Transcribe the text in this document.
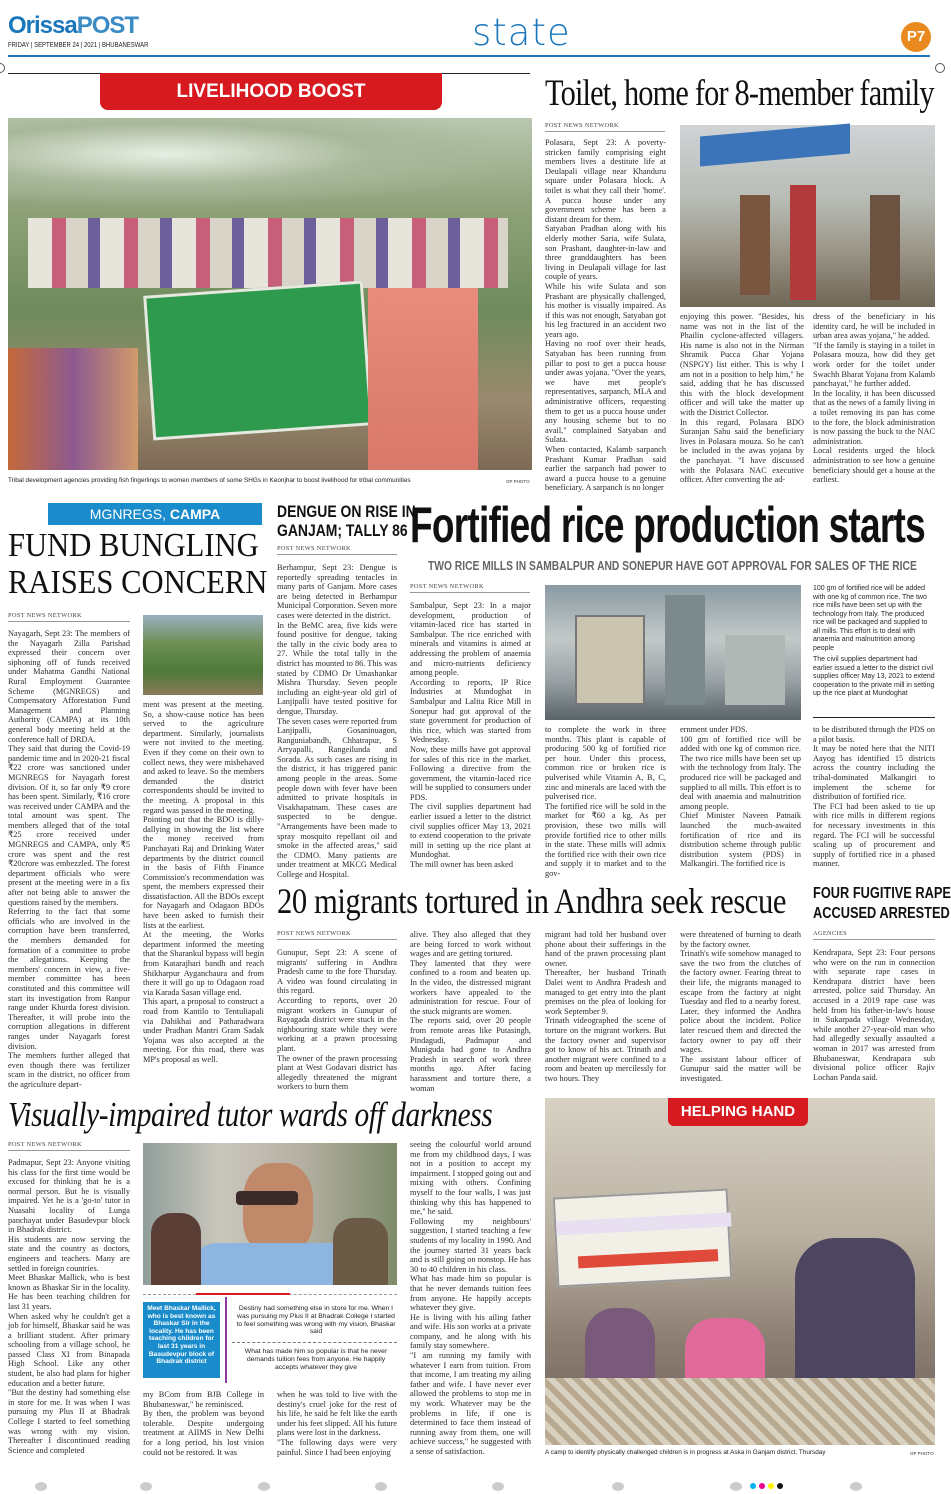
OrissaPOST
FRIDAY | SEPTEMBER 24 | 2021 | BHUBANESWAR	state	P7
LIVELIHOOD BOOST
Tribal development agencies providing fish fingerlings to women members of some SHGs in Keonjhar to boost livelihood for tribal communities	OP PHOTO
Toilet, home for 8-member family
POST NEWS NETWORK
Polasara, Sept 23: A poverty-stricken family comprising eight members lives a destitute life at Deulapali village near Khanduru square under Polasara block. A toilet is what they call their 'home'. A pucca house under any government scheme has been a distant dream for them.
Satyaban Pradhan along with his elderly mother Saria, wife Sulata, son Prashant, daughter-in-law and three granddaughters has been living in Deulapali village for last couple of years.
While his wife Sulata and son Prashant are physically challenged, his mother is visually impaired. As if this was not enough, Satyaban got his leg fractured in an accident two years ago.
Having no roof over their heads, Satyaban has been running from pillar to post to get a pucca house under awas yojana. "Over the years, we have met people's representatives, sarpanch, MLA and administrative officers, requesting them to get us a pucca house under any housing scheme but to no avail," complained Satyaban and Sulata.
When contacted, Kalamb sarpanch Prashant Kumar Pradhan said earlier the sarpanch had power to award a pucca house to a genuine beneficiary. A sarpanch is no longer
enjoying this power. "Besides, his name was not in the list of the Phailin cyclone-affected villagers. His name is also not in the Nirman Shramik Pucca Ghar Yojana (NSPGY) list either. This is why I am not in a position to help him," he said, adding that he has discussed this with the block development officer and will take the matter up with the District Collector.
In this regard, Polasara BDO Suranjan Sahu said the beneficiary lives in Polasara mouza. So he can't be included in the awas yojana by the panchayat. "I have discussed with the Polasara NAC executive officer. After converting the ad-
dress of the beneficiary in his identity card, he will be included in urban area awas yojana," he added.
"If the family is staying in a toilet in Polasara mouza, how did they get work order for the toilet under Swachh Bharat Yojana from Kalamb panchayat," he further added.
In the locality, it has been discussed that as the news of a family living in a toilet removing its pan has come to the fore, the block administration is now passing the buck to the NAC administration.
Local residents urged the block administration to see how a genuine beneficiary should get a house at the earliest.
MGNREGS, CAMPA
FUND BUNGLING
RAISES CONCERN
POST NEWS NETWORK
Nayagarh, Sept 23: The members of the Nayagarh Zilla Parishad expressed their concern over siphoning off of funds received under Mahatma Gandhi National Rural Employment Guarantee Scheme (MGNREGS) and Compensatory Afforestation Fund Management and Planning Authority (CAMPA) at its 10th general body meeting held at the conference hall of DRDA.
They said that during the Covid-19 pandemic time and in 2020-21 fiscal ₹22 crore was sanctioned under MGNREGS for Nayagarh forest division. Of it, so far only ₹9 crore has been spent. Similarly, ₹16 crore was received under CAMPA and the total amount was spent. The members alleged that of the total ₹25 crore received under MGNREGS and CAMPA, only ₹5 crore was spent and the rest ₹20crore was embezzled. The forest department officials who were present at the meeting were in a fix after not being able to answer the questions raised by the members.
Referring to the fact that some officials who are involved in the corruption have been transferred, the members demanded for formation of a committee to probe the allegations. Keeping the members' concern in view, a five-member committee has been constituted and this committee will start its investigation from Ranpur range under Khurda forest division. Thereafter, it will probe into the corruption allegations in different ranges under Nayagarh forest division.
The members further alleged that even though there was fertilizer scam in the district, no officer from the agriculture depart-
ment was present at the meeting. So, a show-cause notice has been served to the agriculture department. Similarly, journalists were not invited to the meeting. Even if they come on their own to collect news, they were misbehaved and asked to leave. So the members demanded the district correspondents should be invited to the meeting. A proposal in this regard was passed in the meeting.
Pointing out that the BDO is dilly-dallying in showing the list where the money received from Panchayati Raj and Drinking Water departments by the district council in the basis of Fifth Finance Commission's recommendation was spent, the members expressed their dissatisfaction. All the BDOs except for Nayagarh and Odagaon BDOs have been asked to furnish their lists at the earliest.
At the meeting, the Works department informed the meeting that the Sharankul bypass will begin from Katarajhari bandh and reach Shikharpur Ayganchaura and from there it will go up to Odagaon road via Karada Sasan village end.
This apart, a proposal to construct a road from Kantilo to Tentuliapali via Dahikhai and Patharadwara under Pradhan Mantri Gram Sadak Yojana was also accepted at the meeting. For this road, there was MP's proposal as well.
DENGUE ON RISE IN
GANJAM; TALLY 86
POST NEWS NETWORK
Berhampur, Sept 23: Dengue is reportedly spreading tentacles in many parts of Ganjam. More cases are being detected in Berhampur Municipal Corporation. Seven more cases were detected in the district.
In the BeMC area, five kids were found positive for dengue, taking the tally in the civic body area to 27. While the total tally in the district has mounted to 86. This was stated by CDMO Dr Umashankar Mishra Thursday. Seven people including an eight-year old girl of Lanjipalli have tested positive for dengue, Thursday.
The seven cases were reported from Lanjipalli, Gosaninuagon, Ranguniabandh, Chhatrapur, S Arryapalli, Rangeilunda and Sorada. As such cases are rising in the district, it has triggered panic among people in the areas. Some people down with fever have been admitted to private hospitals in Visakhapatnam. These cases are suspected to be dengue. "Arrangements have been made to spray mosquito repellant oil and smoke in the affected areas," said the CDMO. Many patients are under treatment at MKCG Medical College and Hospital.
Fortified rice production starts
TWO RICE MILLS IN SAMBALPUR AND SONEPUR HAVE GOT APPROVAL FOR SALES OF THE RICE
POST NEWS NETWORK
Sambalpur, Sept 23: In a major development, production of vitamin-laced rice has started in Sambalpur. The rice enriched with minerals and vitamins is aimed at addressing the problem of anaemia and micro-nutrients deficiency among people.
According to reports, IP Rice Industries at Mundoghat in Sambalpur and Lalita Rice Mill in Sonepur had got approval of the state government for production of this rice, which was started from Wednesday.
Now, these mills have got approval for sales of this rice in the market. Following a directive from the government, the vitamin-laced rice will be supplied to consumers under PDS.
The civil supplies department had earlier issued a letter to the district civil supplies officer May 13, 2021 to extend cooperation to the private mill in setting up the rice plant at Mundoghat.
The mill owner has been asked
100 gm of fortified rice will be added with one kg of common rice. The two rice mills have been set up with the technology from Italy. The produced rice will be packaged and supplied to all mills. This effort is to deal with anaemia and malnutrition among people
The civil supplies department had earlier issued a letter to the district civil supplies officer May 13, 2021 to extend cooperation to the private mill in setting up the rice plant at Mundoghat
to complete the work in three months. This plant is capable of producing 500 kg of fortified rice per hour. Under this process, common rice or broken rice is pulverised while Vitamin A, B, C, zinc and minerals are laced with the pulverised rice.
The fortified rice will be sold in the market for ₹60 a kg. As per provision, these two mills will provide fortified rice to other mills in the state. These mills will admix the fortified rice with their own rice and supply it to market and to the gov-
ernment under PDS.
100 gm of fortified rice will be added with one kg of common rice. The two rice mills have been set up with the technology from Italy. The produced rice will be packaged and supplied to all mills. This effort is to deal with anaemia and malnutrition among people.
Chief Minister Naveen Patnaik launched the much-awaited fortification of rice and its distribution scheme through public distribution system (PDS) in Malkangiri. The fortified rice is
to be distributed through the PDS on a pilot basis.
It may be noted here that the NITI Aayog has identified 15 districts across the country including the tribal-dominated Malkangiri to implement the scheme for distribution of fortified rice.
The FCI had been asked to tie up with rice mills in different regions for necessary investments in this regard. The FCI will be successful scaling up of procurement and supply of fortified rice in a phased manner.
20 migrants tortured in Andhra seek rescue
POST NEWS NETWORK
Gunupur, Sept 23: A scene of migrants' suffering in Andhra Pradesh came to the fore Thursday. A video was found circulating in this regard.
According to reports, over 20 migrant workers in Gunupur of Rayagada district were stuck in the nighbouring state while they were working at a prawn processing plant.
The owner of the prawn processing plant at West Godavari district has allegedly threatened the migrant workers to burn them
alive. They also alleged that they are being forced to work without wages and are getting tortured.
They lamented that they were confined to a room and beaten up. In the video, the distressed migrant workers have appealed to the administration for rescue. Four of the stuck migrants are women.
The reports said, over 20 people from remote areas like Putasingh, Pindagudi, Padmapur and Muniguda had gone to Andhra Pradesh in search of work three months ago. After facing harassment and torture there, a woman
migrant had told her husband over phone about their sufferings in the hand of the prawn processing plant owner.
Thereafter, her husband Trinath Dalei went to Andhra Pradesh and managed to get entry into the plant premises on the plea of looking for work September 9.
Trinath videographed the scene of torture on the migrant workers. But the factory owner and supervisor got to know of his act. Trinath and another migrant were confined to a room and beaten up mercilessly for two hours. They
were threatened of burning to death by the factory owner.
Trinath's wife somehow managed to save the two from the clutches of the factory owner. Fearing threat to their life, the migrants managed to escape from the factory at night Tuesday and fled to a nearby forest. Later, they informed the Andhra police about the incident. Police later rescued them and directed the factory owner to pay off their wages.
The assistant labour officer of Gunupur said the matter will be investigated.
FOUR FUGITIVE RAPE
ACCUSED ARRESTED
AGENCIES
Kendrapara, Sept 23: Four persons who were on the run in connection with separate rape cases in Kendrapara district have been arrested, police said Thursday. An accused in a 2019 rape case was held from his father-in-law's house in Sukarpada village Wednesday, while another 27-year-old man who had allegedly sexually assaulted a woman in 2017 was arrested from Bhubaneswar, Kendrapara sub divisional police officer Rajiv Lochan Panda said.
Visually-impaired tutor wards off darkness
POST NEWS NETWORK
Padmapur, Sept 23: Anyone visiting his class for the first time would be excused for thinking that he is a normal person. But he is visually impaired. Yet he is a 'go-to' tutor in Nuasahi locality of Lunga panchayat under Basudevpur block in Bhadrak district.
His students are now serving the state and the country as doctors, engineers and teachers. Many are settled in foreign countries.
Meet Bhaskar Mallick, who is best known as Bhaskar Sir in the locality. He has been teaching children for last 31 years.
When asked why he couldn't get a job for himself, Bhaskar said he was a brilliant student. After primary schooling from a village school, he passed Class XI from Binapada High School. Like any other student, he also had plans for higher education and a better future.
"But the destiny had something else in store for me. It was when I was pursuing my Plus II at Bhadrak College I started to feel something was wrong with my vision. Thereafter I discontinued reading Science and completed
Meet Bhaskar Mallick, who is best known as Bhaskar Sir in the locality. He has been teaching children for last 31 years in Basudevpur block of Bhadrak district
Destiny had something else in store for me. When I was pursuing my Plus II at Bhadrak College I started to feel something was wrong with my vision, Bhaskar said
What has made him so popular is that he never demands tuition fees from anyone. He happily accepts whatever they give
my BCom from BJB College in Bhubaneswar," he reminisced.
By then, the problem was beyond tolerable. Despite undergoing treatment at AIIMS in New Delhi for a long period, his lost vision could not be restored. It was
when he was told to live with the destiny's cruel joke for the rest of his life, he said he felt like the earth under his feet slipped. All his future plans were lost in the darkness.
"The following days were very painful. Since I had been enjoying
seeing the colourful world around me from my childhood days, I was not in a position to accept my impairment. I stopped going out and mixing with others. Confining myself to the four walls, I was just thinking why this has happened to me," he said.
Following my neighbours' suggestion, I started teaching a few students of my locality in 1990. And the journey started 31 years back and is still going on nonstop. He has 30 to 40 children in his class.
What has made him so popular is that he never demands tuition fees from anyone. He happily accepts whatever they give.
He is living with his ailing father and wife. His son works at a private company, and he along with his family stay somewhere.
"I am running my family with whatever I earn from tuition. From that income, I am treating my ailing father and wife. I have never ever allowed the problems to stop me in my work. Whatever may be the problems in life, if one is determined to face them instead of running away from them, one will achieve success," he suggested with a sense of satisfaction.
HELPING HAND
A camp to identify physically challenged children is in progress at Aska in Ganjam district, Thursday	OP PHOTO
